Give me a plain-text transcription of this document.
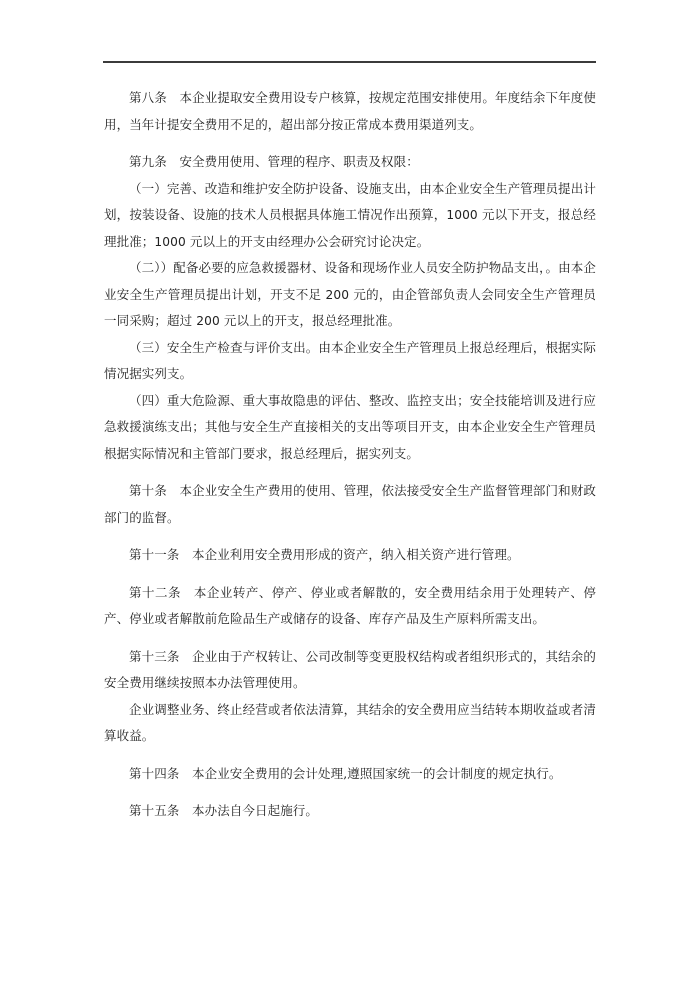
第八条　本企业提取安全费用设专户核算，按规定范围安排使用。年度结余下年度使用，当年计提安全费用不足的，超出部分按正常成本费用渠道列支。

第九条　安全费用使用、管理的程序、职责及权限：

（一）完善、改造和维护安全防护设备、设施支出，由本企业安全生产管理员提出计划，按装设备、设施的技术人员根据具体施工情况作出预算，1000 元以下开支，报总经理批准；1000 元以上的开支由经理办公会研究讨论决定。

（二））配备必要的应急救援器材、设备和现场作业人员安全防护物品支出，。由本企业安全生产管理员提出计划，开支不足 200 元的，由企管部负责人会同安全生产管理员一同采购；超过 200 元以上的开支，报总经理批准。

（三）安全生产检查与评价支出。由本企业安全生产管理员上报总经理后，根据实际情况据实列支。

（四）重大危险源、重大事故隐患的评估、整改、监控支出；安全技能培训及进行应急救援演练支出；其他与安全生产直接相关的支出等项目开支，由本企业安全生产管理员根据实际情况和主管部门要求，报总经理后，据实列支。

第十条　本企业安全生产费用的使用、管理，依法接受安全生产监督管理部门和财政部门的监督。

第十一条　本企业利用安全费用形成的资产，纳入相关资产进行管理。

第十二条　本企业转产、停产、停业或者解散的，安全费用结余用于处理转产、停产、停业或者解散前危险品生产或储存的设备、库存产品及生产原料所需支出。

第十三条　企业由于产权转让、公司改制等变更股权结构或者组织形式的，其结余的安全费用继续按照本办法管理使用。

企业调整业务、终止经营或者依法清算，其结余的安全费用应当结转本期收益或者清算收益。

第十四条　本企业安全费用的会计处理,遵照国家统一的会计制度的规定执行。

第十五条　本办法自今日起施行。
